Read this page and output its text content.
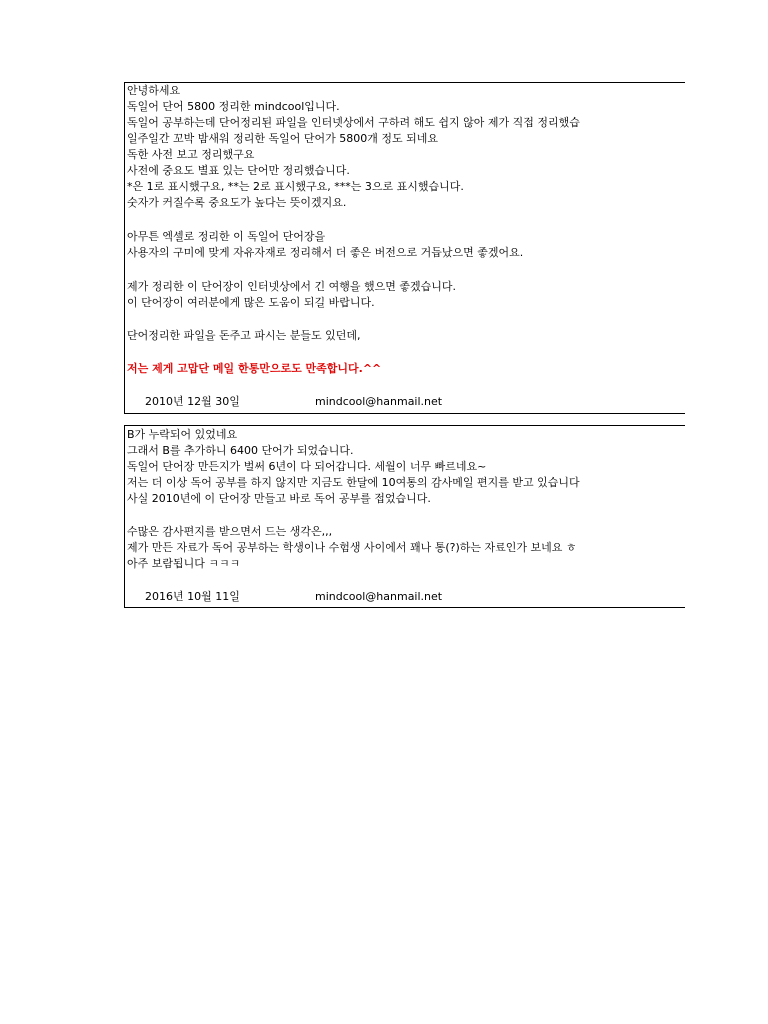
안녕하세요
독일어 단어 5800 정리한 mindcool입니다.
독일어 공부하는데 단어정리된 파일을 인터넷상에서 구하려 해도 쉽지 않아 제가 직접 정리했습
일주일간 꼬박 밤새워 정리한 독일어 단어가 5800개 정도 되네요
독한 사전 보고 정리했구요
사전에 중요도 별표 있는 단어만 정리했습니다.
*은 1로 표시했구요, **는 2로 표시했구요, ***는 3으로 표시했습니다.
숫자가 커질수록 중요도가 높다는 뜻이겠지요.
아무튼 엑셀로 정리한 이 독일어 단어장을
사용자의 구미에 맞게 자유자재로 정리해서 더 좋은 버전으로 거듭났으면 좋겠어요.
제가 정리한 이 단어장이 인터넷상에서 긴 여행을 했으면 좋겠습니다.
이 단어장이 여러분에게 많은 도움이 되길 바랍니다.
단어정리한 파일을 돈주고 파시는 분들도 있던데,
저는 제게 고맙단 메일 한통만으로도 만족합니다.^^
2010년 12월 30일	mindcool@hanmail.net
B가 누락되어 있었네요
그래서 B를 추가하니 6400 단어가 되었습니다.
독일어 단어장 만든지가 벌써 6년이 다 되어갑니다. 세월이 너무 빠르네요~
저는 더 이상 독어 공부를 하지 않지만 지금도 한달에 10여통의 감사메일 편지를 받고 있습니다
사실 2010년에 이 단어장 만들고 바로 독어 공부를 접었습니다.
수많은 감사편지를 받으면서 드는 생각은,,,
제가 만든 자료가 독어 공부하는 학생이나 수험생 사이에서 꽤나 통(?)하는 자료인가 보네요 ㅎ
아주 보람됩니다 ㅋㅋㅋ
2016년 10월 11일	mindcool@hanmail.net
